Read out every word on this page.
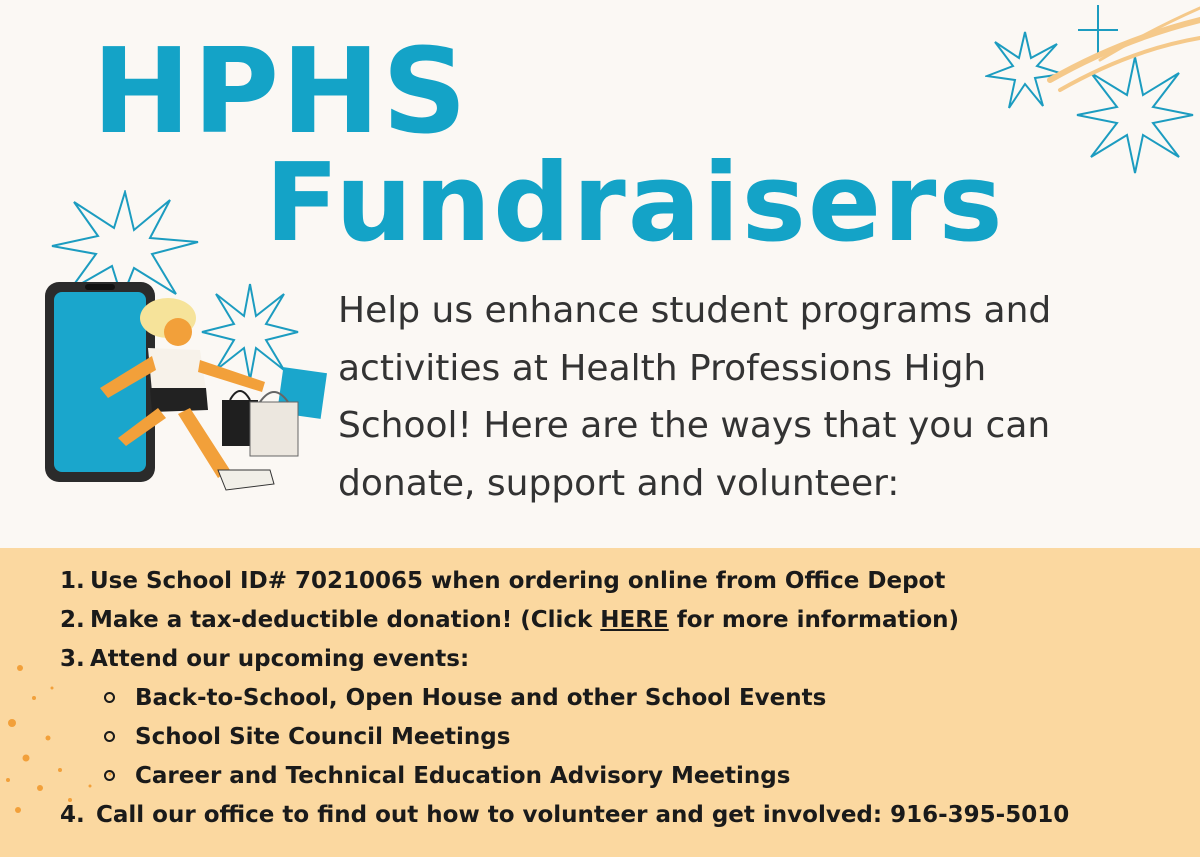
HPHS
Fundraisers

Help us enhance student programs and
activities at Health Professions High
School! Here are the ways that you can
donate, support and volunteer:

1. Use School ID# 70210065 when ordering online from Office Depot
2. Make a tax-deductible donation! (Click HERE for more information)
3. Attend our upcoming events:
Back-to-School, Open House and other School Events
School Site Council Meetings
Career and Technical Education Advisory Meetings
4. Call our office to find out how to volunteer and get involved: 916-395-5010
